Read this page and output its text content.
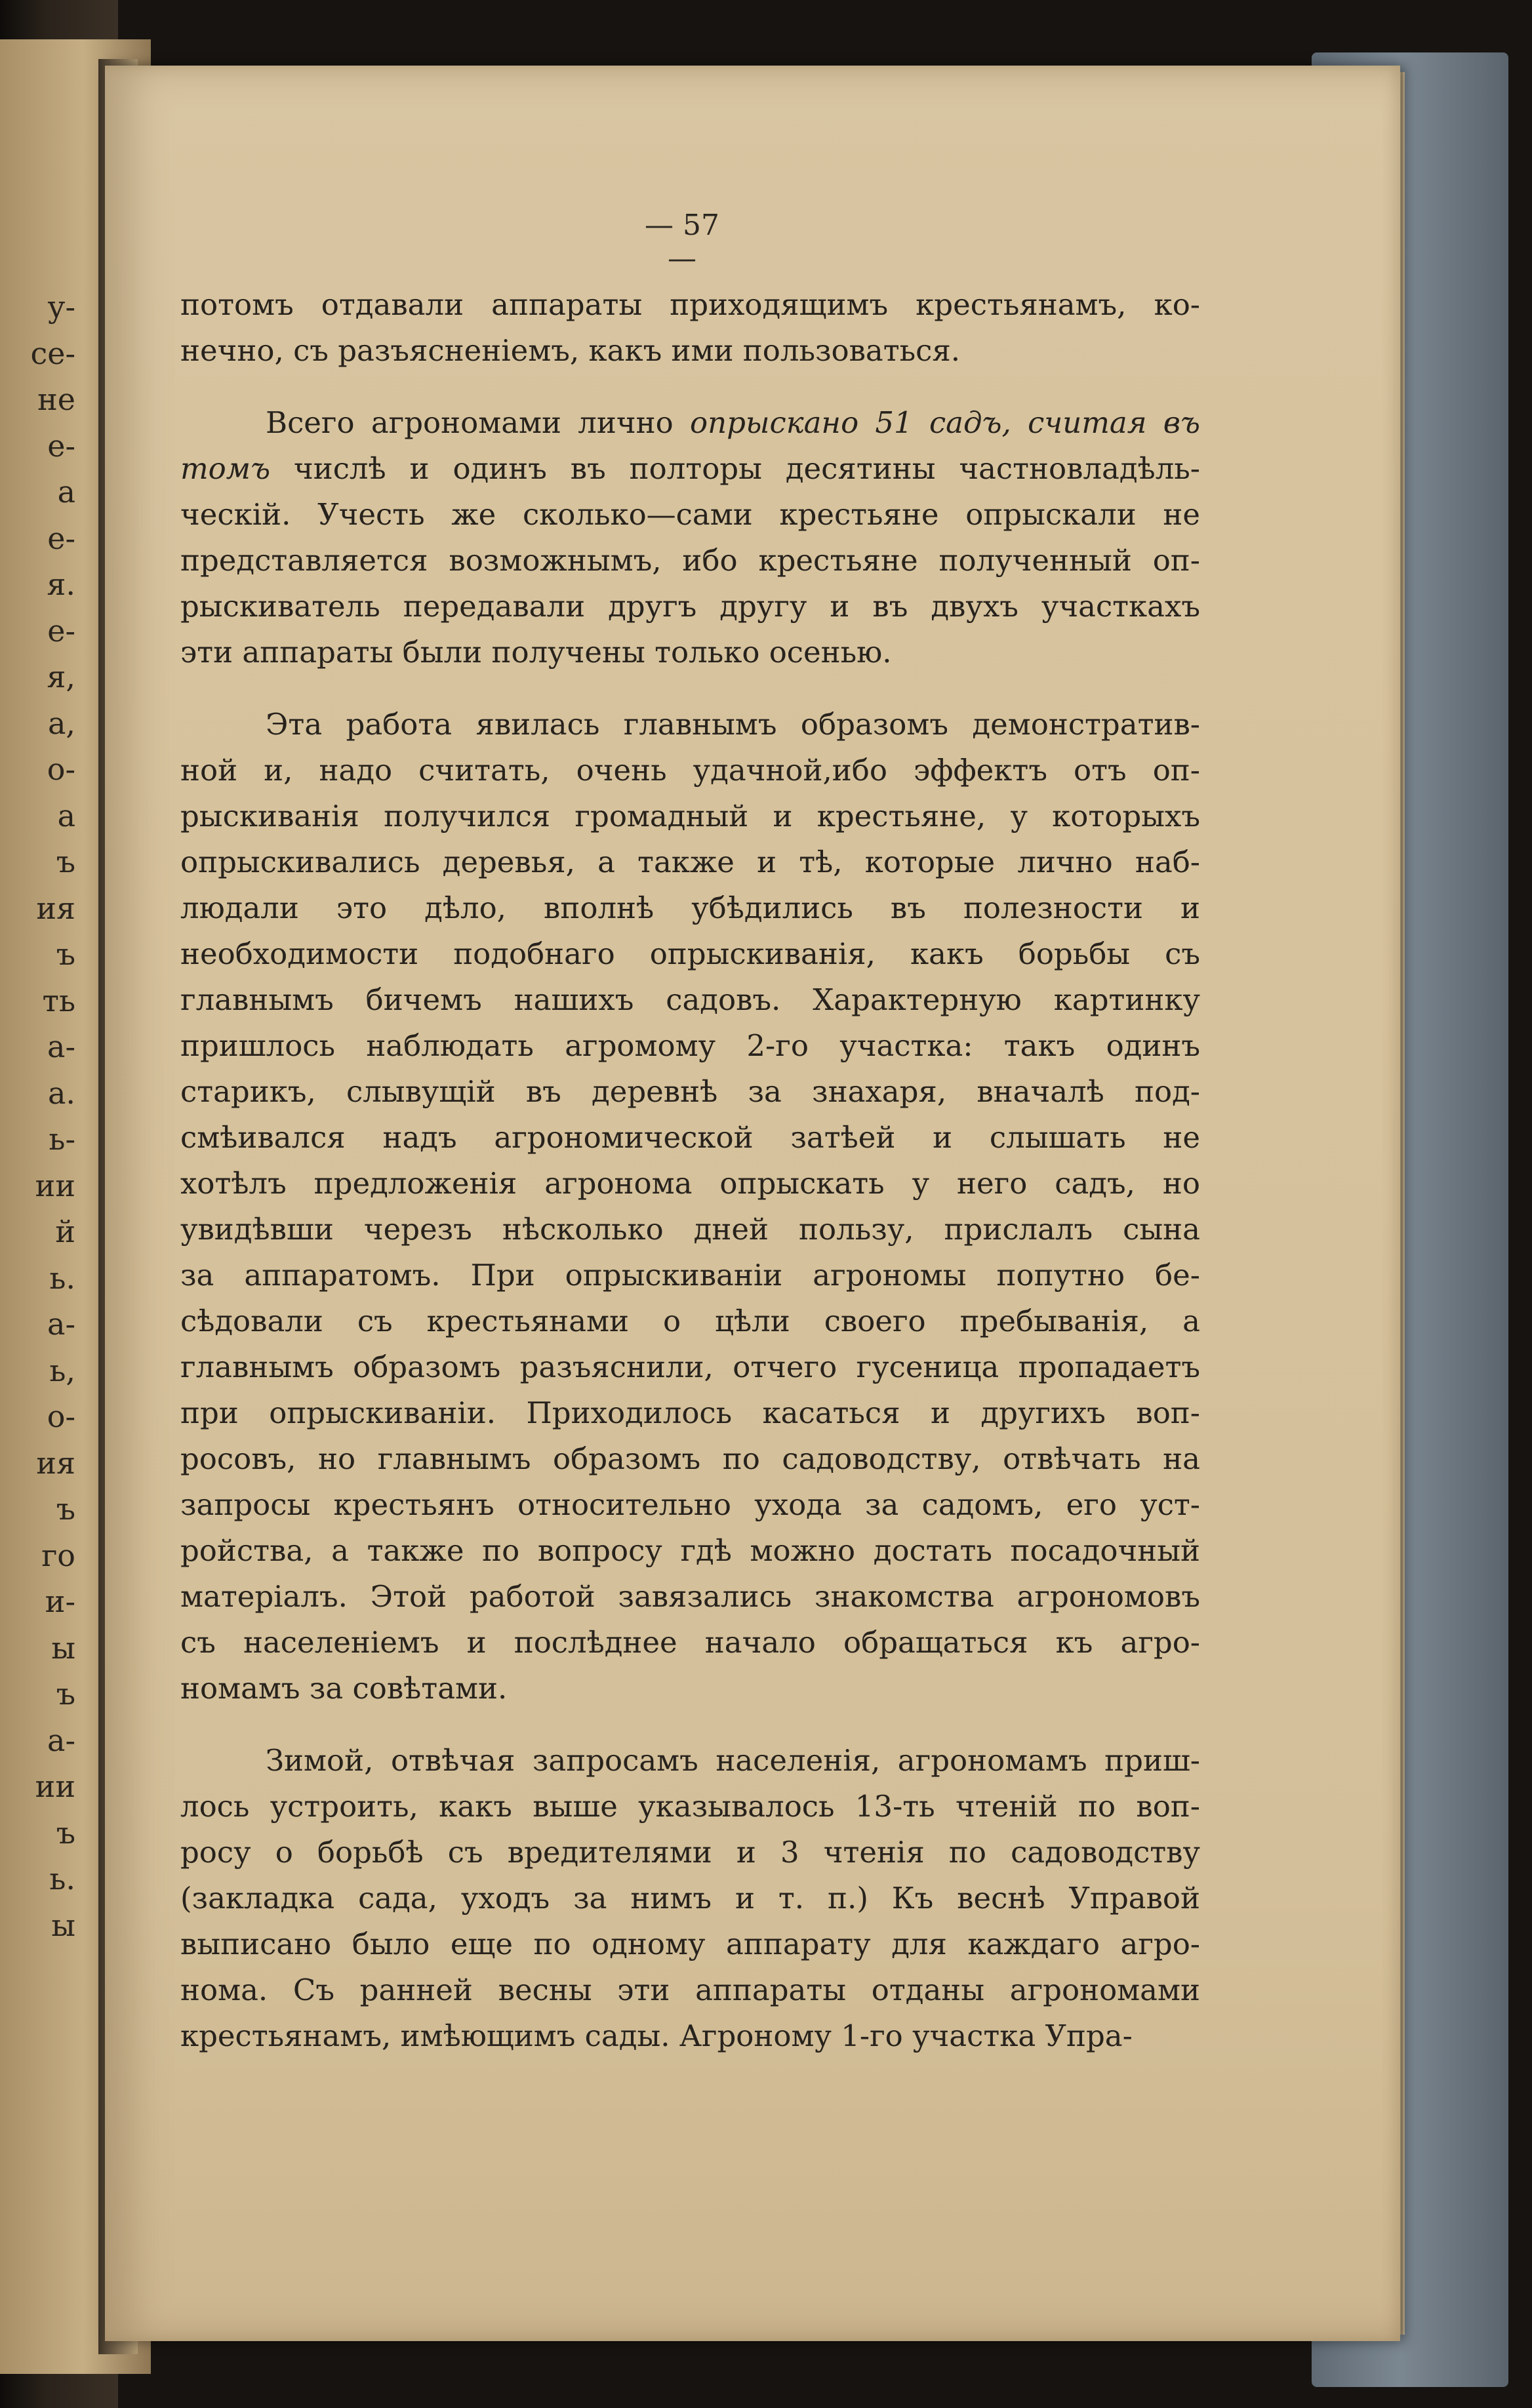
у-
се-
не
е-
а
е-
я.
е-
я,
а,
о-
а
ъ
ия
ъ
ть
а-
а.
ь-
ии
й
ь.
а-
ь,
о-
ия
ъ
го
и-
ы
ъ
а-
ии
ъ
ь.
ы
— 57 —
потомъ отдавали аппараты приходящимъ крестьянамъ, ко-
нечно, съ разъясненіемъ, какъ ими пользоваться.
Всего агрономами лично опрыскано 51 садъ, считая въ
томъ числѣ и одинъ въ полторы десятины частновладѣль-
ческій. Учесть же сколько—сами крестьяне опрыскали не
представляется возможнымъ, ибо крестьяне полученный оп-
рыскиватель передавали другъ другу и въ двухъ участкахъ
эти аппараты были получены только осенью.
Эта работа явилась главнымъ образомъ демонстратив-
ной и, надо считать, очень удачной,ибо эффектъ отъ оп-
рыскиванія получился громадный и крестьяне, у которыхъ
опрыскивались деревья, а также и тѣ, которые лично наб-
людали это дѣло, вполнѣ убѣдились въ полезности и
необходимости подобнаго опрыскиванія, какъ борьбы съ
главнымъ бичемъ нашихъ садовъ. Характерную картинку
пришлось наблюдать агромому 2-го участка: такъ одинъ
старикъ, слывущій въ деревнѣ за знахаря, вначалѣ под-
смѣивался надъ агрономической затѣей и слышать не
хотѣлъ предложенія агронома опрыскать у него садъ, но
увидѣвши черезъ нѣсколько дней пользу, прислалъ сына
за аппаратомъ. При опрыскиваніи агрономы попутно бе-
сѣдовали съ крестьянами о цѣли своего пребыванія, а
главнымъ образомъ разъяснили, отчего гусеница пропадаетъ
при опрыскиваніи. Приходилось касаться и другихъ воп-
росовъ, но главнымъ образомъ по садоводству, отвѣчать на
запросы крестьянъ относительно ухода за садомъ, его уст-
ройства, а также по вопросу гдѣ можно достать посадочный
матеріалъ. Этой работой завязались знакомства агрономовъ
съ населеніемъ и послѣднее начало обращаться къ агро-
номамъ за совѣтами.
Зимой, отвѣчая запросамъ населенія, агрономамъ приш-
лось устроить, какъ выше указывалось 13-ть чтеній по воп-
росу о борьбѣ съ вредителями и 3 чтенія по садоводству
(закладка сада, уходъ за нимъ и т. п.) Къ веснѣ Управой
выписано было еще по одному аппарату для каждаго агро-
нома. Съ ранней весны эти аппараты отданы агрономами
крестьянамъ, имѣющимъ сады. Агроному 1-го участка Упра-
